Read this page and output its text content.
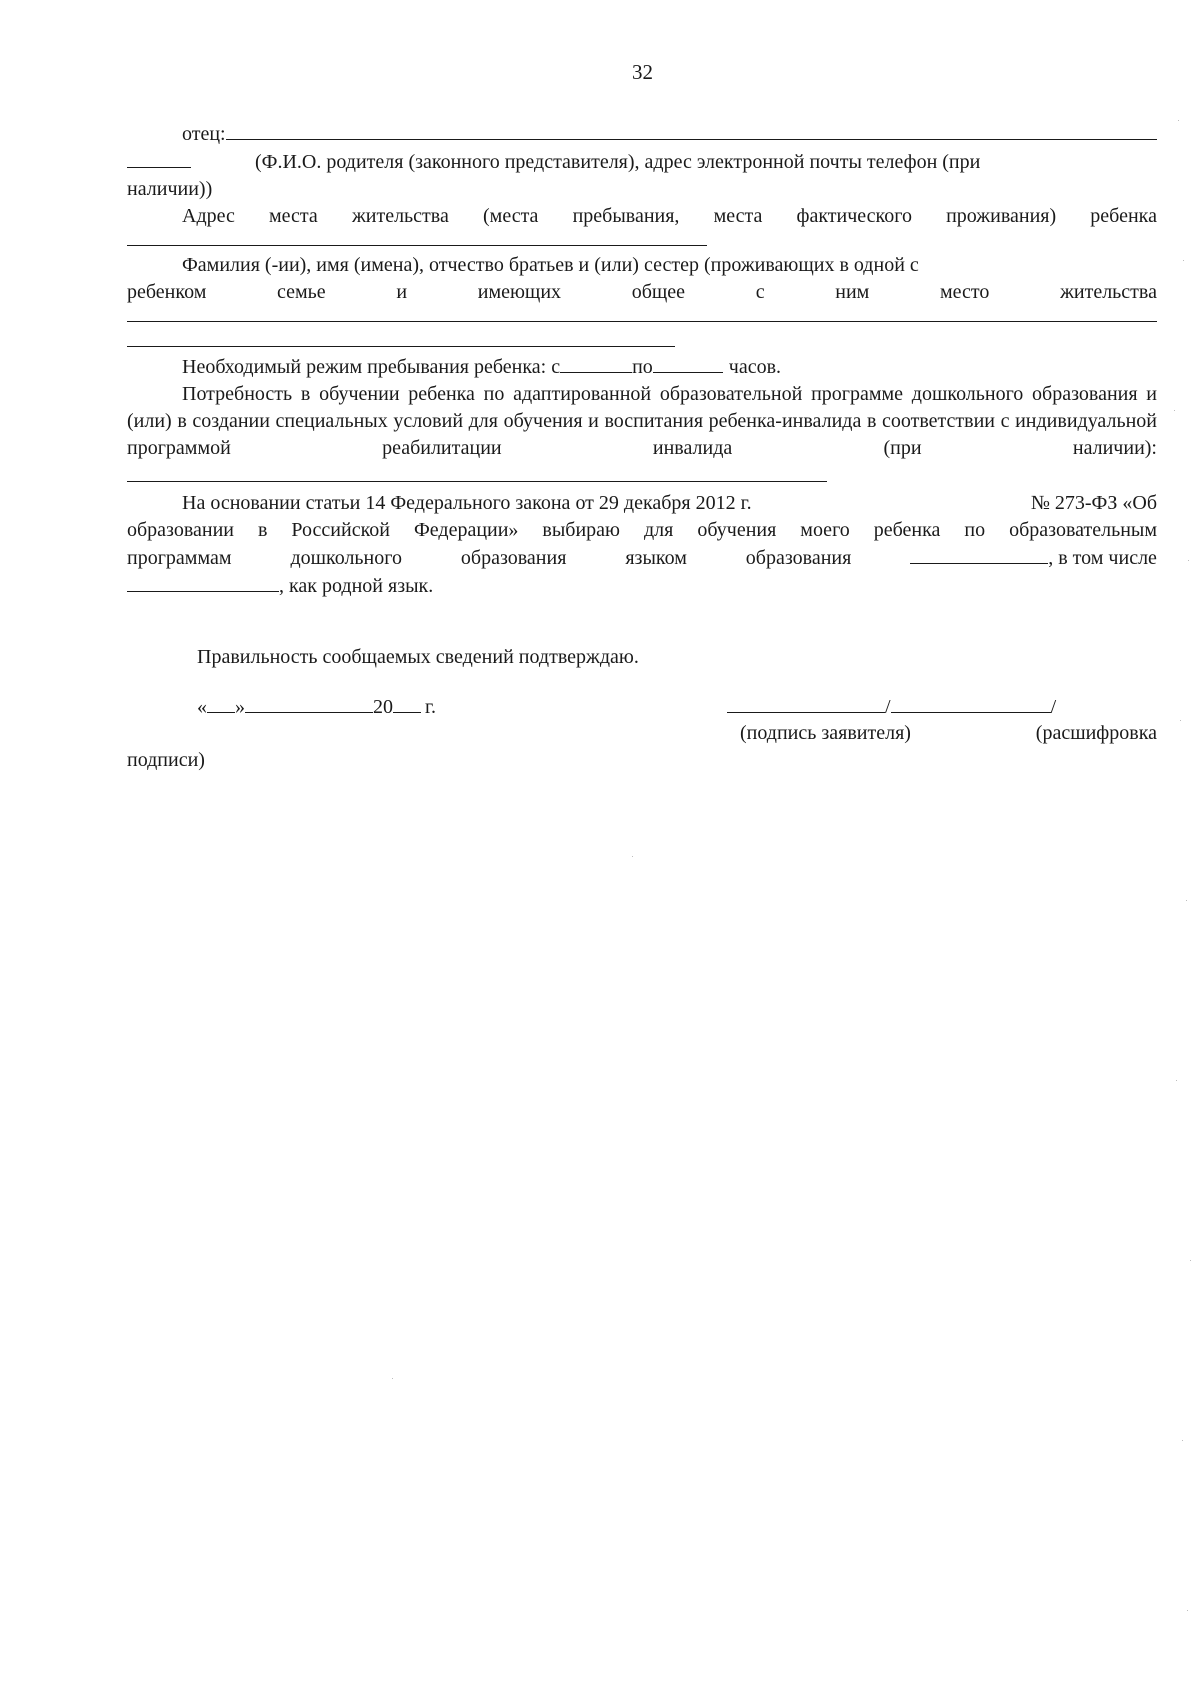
32
отец:
(Ф.И.О. родителя (законного представителя), адрес электронной почты телефон (при
наличии))
Адрес места жительства (места пребывания, места фактического проживания) ребенка
Фамилия (-ии), имя (имена), отчество братьев и (или) сестер (проживающих в одной с
ребенком	семье	и	имеющих	общее	с	ним	место	жительства
Необходимый режим пребывания ребенка: с	по	часов.
Потребность в обучении ребенка по адаптированной образовательной программе дошкольного образования и (или) в создании специальных условий для обучения и воспитания ребенка-инвалида в соответствии с индивидуальной программой реабилитации инвалида (при наличии):
На основании статьи 14 Федерального закона от 29 декабря 2012 г.	№ 273-ФЗ «Об
образовании в Российской Федерации» выбираю для обучения моего ребенка по образовательным
программам	дошкольного	образования	языком	образования	, в том числе
, как родной язык.
Правильность сообщаемых сведений подтверждаю.
« »	20 г.	/	/
(подпись заявителя)	(расшифровка
подписи)
